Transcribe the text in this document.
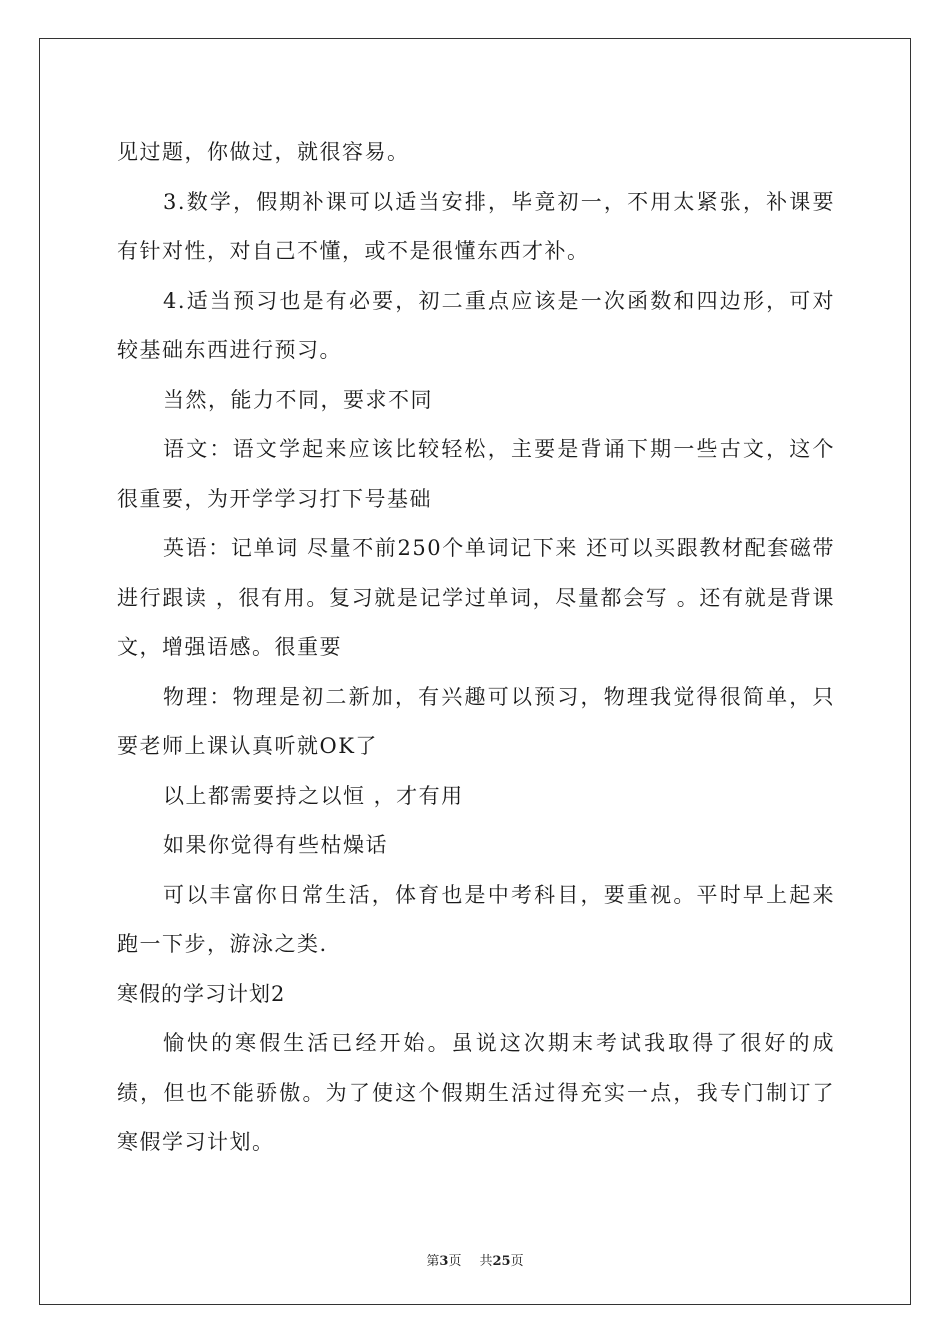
见过题，你做过，就很容易。

3.数学，假期补课可以适当安排，毕竟初一，不用太紧张，补课要有针对性，对自己不懂，或不是很懂东西才补。

4.适当预习也是有必要，初二重点应该是一次函数和四边形，可对较基础东西进行预习。

当然，能力不同，要求不同

语文：语文学起来应该比较轻松，主要是背诵下期一些古文，这个很重要，为开学学习打下号基础

英语：记单词 尽量不前250个单词记下来 还可以买跟教材配套磁带进行跟读 ，很有用。复习就是记学过单词，尽量都会写 。还有就是背课文，增强语感。很重要

物理：物理是初二新加，有兴趣可以预习，物理我觉得很简单，只要老师上课认真听就OK了

以上都需要持之以恒 ，才有用

如果你觉得有些枯燥话

可以丰富你日常生活，体育也是中考科目，要重视。平时早上起来跑一下步，游泳之类.

寒假的学习计划2

愉快的寒假生活已经开始。虽说这次期末考试我取得了很好的成绩，但也不能骄傲。为了使这个假期生活过得充实一点，我专门制订了寒假学习计划。

第3页 共25页
